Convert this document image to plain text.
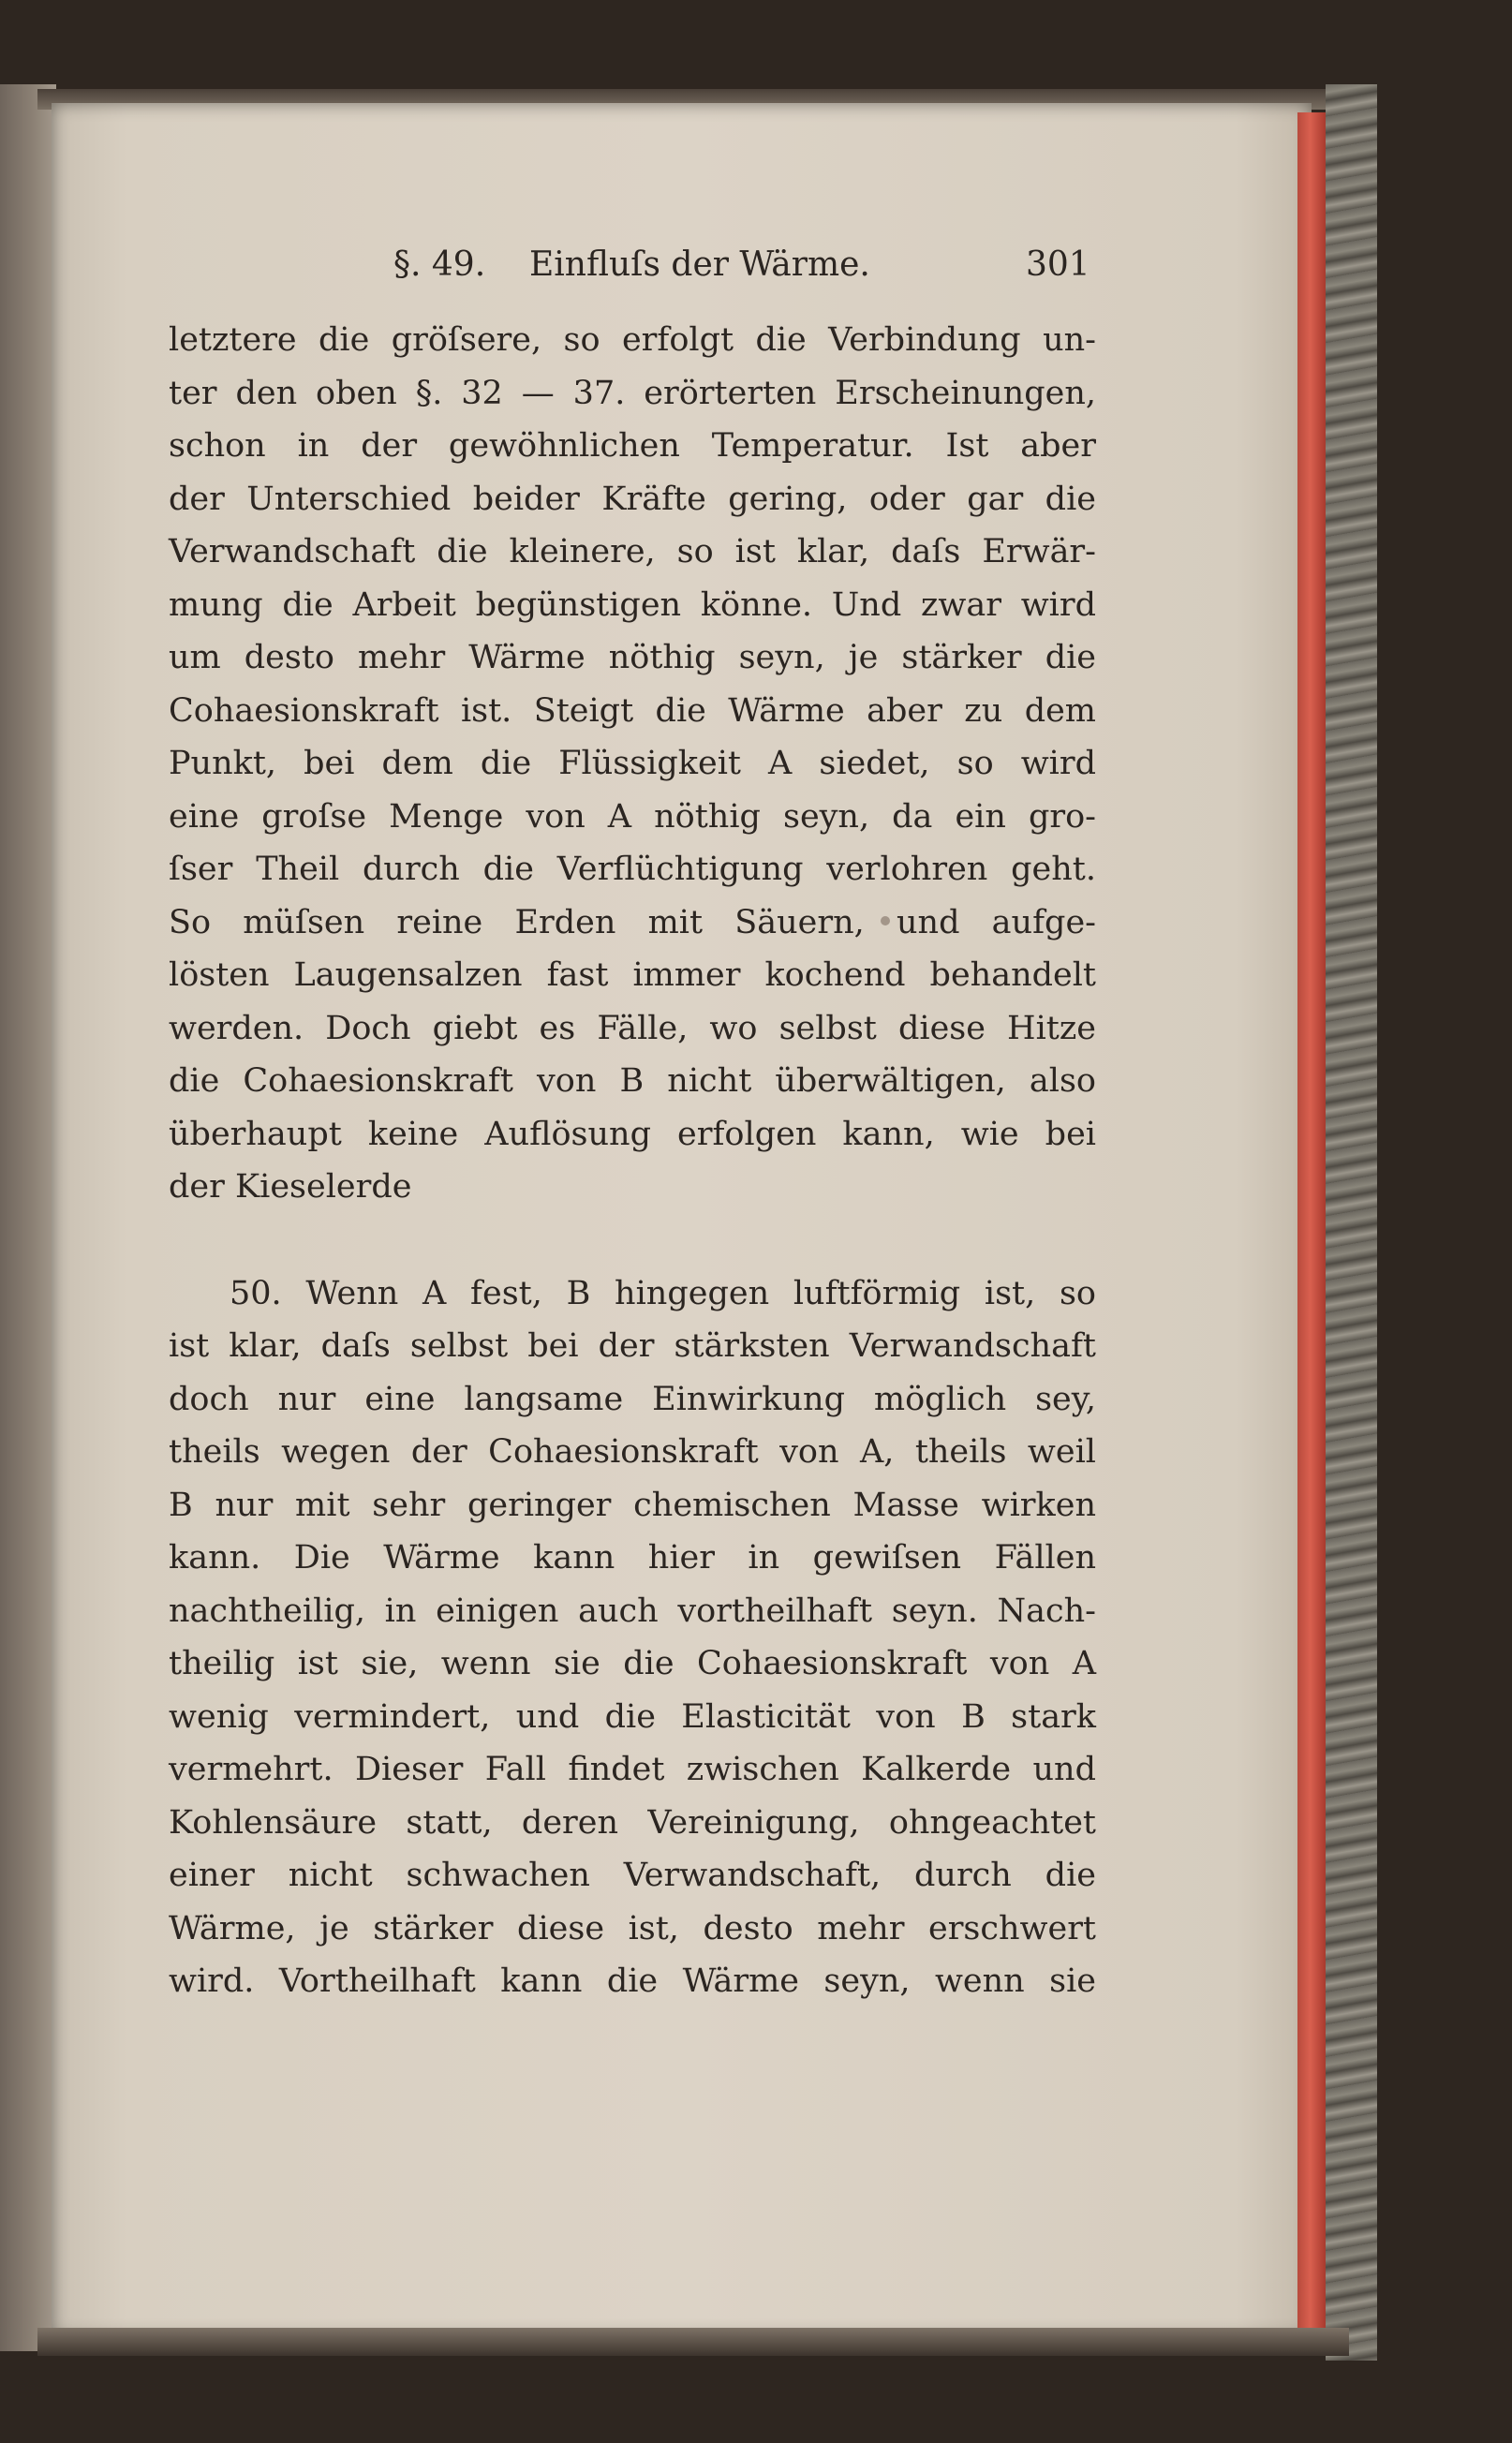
§. 49. Einfluſs der Wärme.	301
letztere die gröſsere, so erfolgt die Verbindung un-
ter den oben §. 32 — 37. erörterten Erscheinungen,
schon in der gewöhnlichen Temperatur. Ist aber
der Unterschied beider Kräfte gering, oder gar die
Verwandschaft die kleinere, so ist klar, daſs Erwär-
mung die Arbeit begünstigen könne. Und zwar wird
um desto mehr Wärme nöthig seyn, je stärker die
Cohaesionskraft ist. Steigt die Wärme aber zu dem
Punkt, bei dem die Flüssigkeit A siedet, so wird
eine groſse Menge von A nöthig seyn, da ein gro-
ſser Theil durch die Verflüchtigung verlohren geht.
So müſsen reine Erden mit Säuern, und aufge-
lösten Laugensalzen fast immer kochend behandelt
werden. Doch giebt es Fälle, wo selbst diese Hitze
die Cohaesionskraft von B nicht überwältigen, also
überhaupt keine Auflösung erfolgen kann, wie bei
der Kieselerde
50. Wenn A fest, B hingegen luftförmig ist, so
ist klar, daſs selbst bei der stärksten Verwandschaft
doch nur eine langsame Einwirkung möglich sey,
theils wegen der Cohaesionskraft von A, theils weil
B nur mit sehr geringer chemischen Masse wirken
kann. Die Wärme kann hier in gewiſsen Fällen
nachtheilig, in einigen auch vortheilhaft seyn. Nach-
theilig ist sie, wenn sie die Cohaesionskraft von A
wenig vermindert, und die Elasticität von B stark
vermehrt. Dieser Fall findet zwischen Kalkerde und
Kohlensäure statt, deren Vereinigung, ohngeachtet
einer nicht schwachen Verwandschaft, durch die
Wärme, je stärker diese ist, desto mehr erschwert
wird. Vortheilhaft kann die Wärme seyn, wenn sie
